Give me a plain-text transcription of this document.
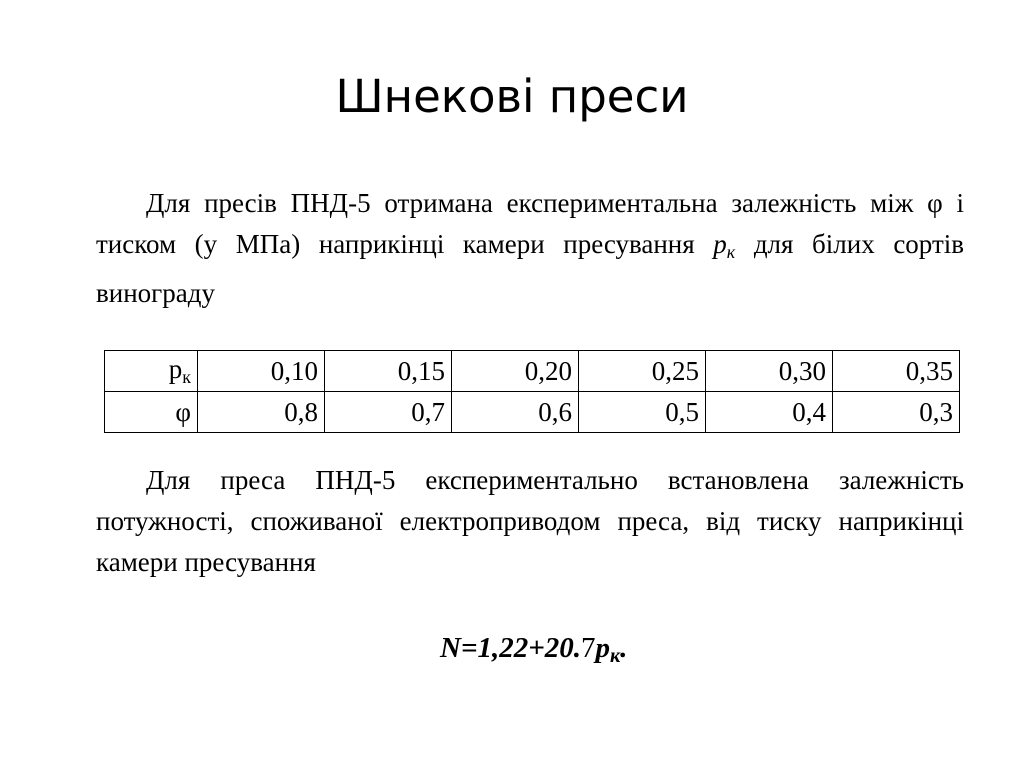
Шнекові преси
Для пресів ПНД-5 отримана експериментальна залежність між φ і тиском (у МПа) наприкінці камери пресування $p_к$ для білих сортів винограду
$p_к$	0,10	0,15	0,20	0,25	0,30	0,35
φ	0,8	0,7	0,6	0,5	0,4	0,3
Для преса ПНД-5 експериментально встановлена залежність потужності, споживаної електроприводом преса, від тиску наприкінці камери пресування
$N=1,22+20.7p_к$.
